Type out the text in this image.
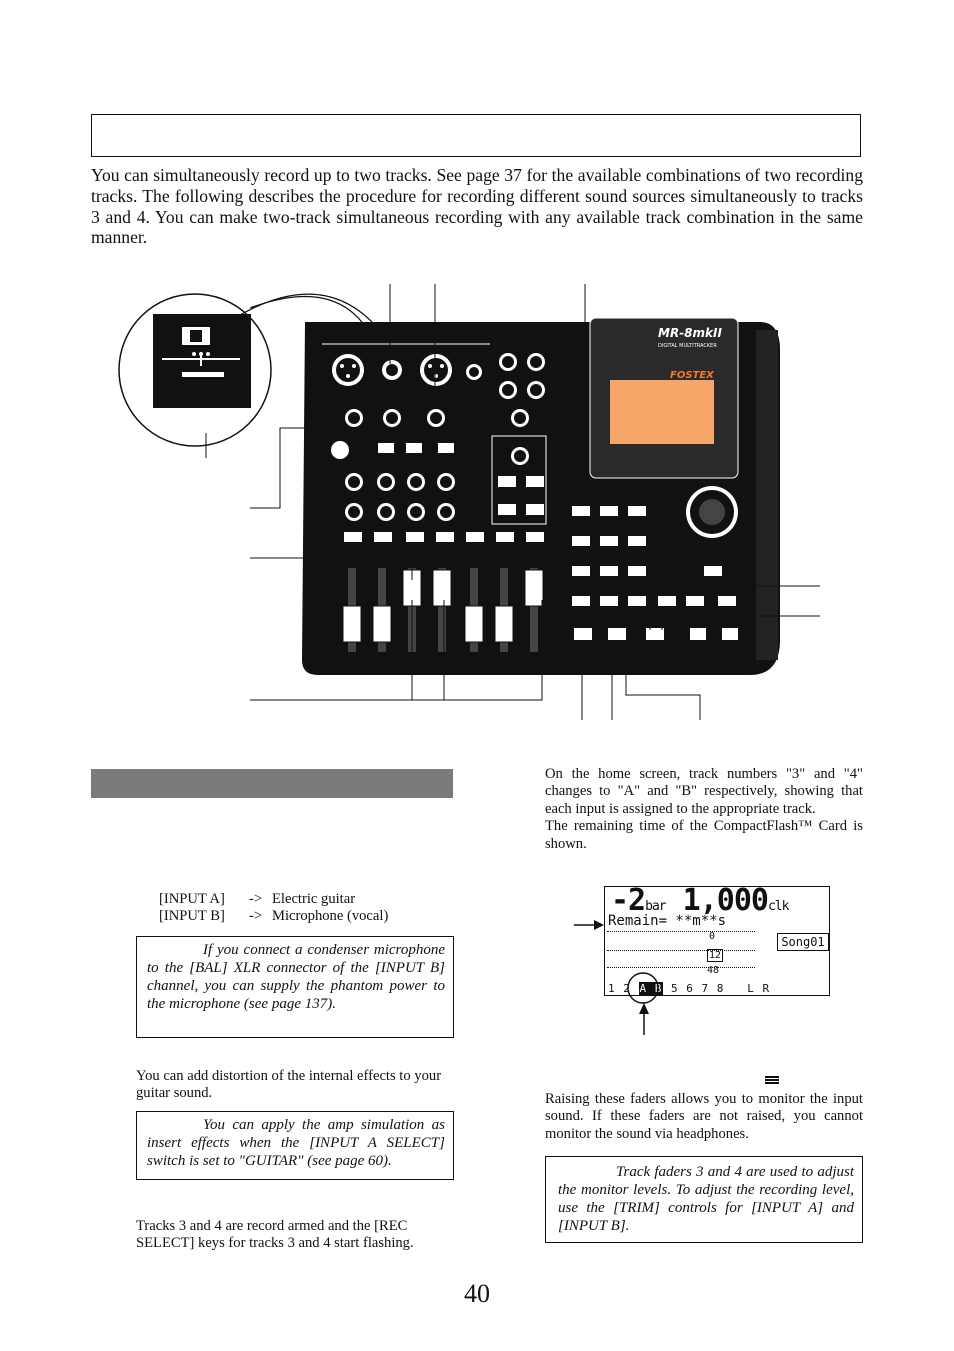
You can simultaneously record up to two tracks. See page 37 for the available combinations of two recording tracks. The following describes the procedure for recording different sound sources simultaneously to tracks 3 and 4. You can make two-track simultaneous recording with any available track combination in the same manner.

MR-8mkII
DIGITAL MULTITRACKER
FOSTEX
[INPUT A]	->	Electric guitar
[INPUT B]	->	Microphone (vocal)
If you connect a condenser microphone to the [BAL] XLR connector of the [INPUT B] channel, you can supply the phantom power to the microphone (see page 137).

You can add distortion of the internal effects to your guitar sound.

You can apply the amp simulation as insert effects when the [INPUT A SELECT] switch is set to "GUITAR" (see page 60).

Tracks 3 and 4 are record armed and the [REC SELECT] keys for tracks 3 and 4 start flashing.

On the home screen, track numbers "3" and "4" changes to "A" and "B" respectively, showing that each input is assigned to the appropriate track.
The remaining time of the CompactFlash™ Card is shown.
-2bar 1,000clk
Remain= **m**s
0
12
48
Song01
1 2 A B 5 6 7 8 L R

Raising these faders allows you to monitor the input sound. If these faders are not raised, you cannot monitor the sound via headphones.

Track faders 3 and 4 are used to adjust the monitor levels. To adjust the recording level, use the [TRIM] controls for [INPUT A] and [INPUT B].
40
